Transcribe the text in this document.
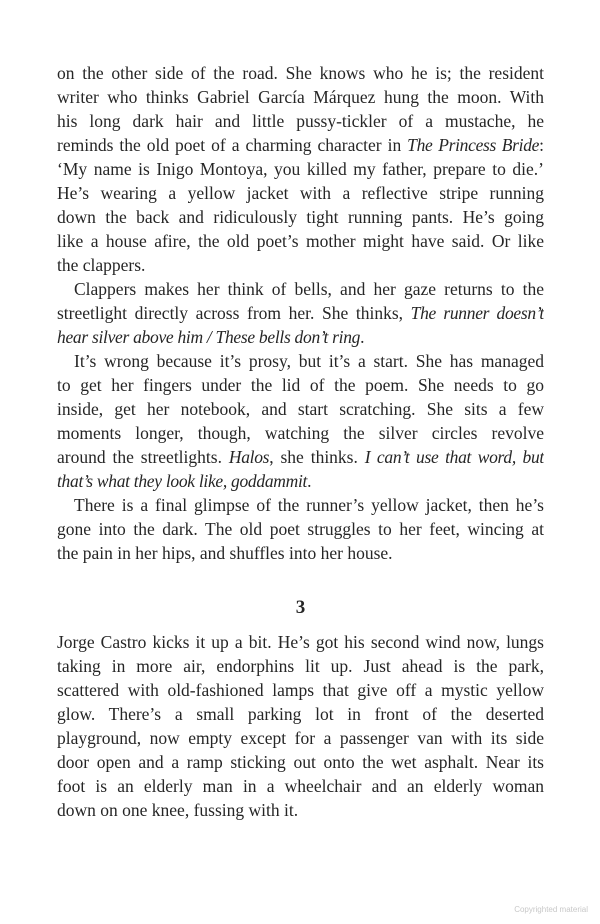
on the other side of the road. She knows who he is; the resident
writer who thinks Gabriel García Márquez hung the moon. With
his long dark hair and little pussy-tickler of a mustache, he
reminds the old poet of a charming character in The Princess Bride:
‘My name is Inigo Montoya, you killed my father, prepare to die.’
He’s wearing a yellow jacket with a reflective stripe running
down the back and ridiculously tight running pants. He’s going
like a house afire, the old poet’s mother might have said. Or like
the clappers.
Clappers makes her think of bells, and her gaze returns to the
streetlight directly across from her. She thinks, The runner doesn’t
hear silver above him / These bells don’t ring.
It’s wrong because it’s prosy, but it’s a start. She has managed
to get her fingers under the lid of the poem. She needs to go
inside, get her notebook, and start scratching. She sits a few
moments longer, though, watching the silver circles revolve
around the streetlights. Halos, she thinks. I can’t use that word, but
that’s what they look like, goddammit.
There is a final glimpse of the runner’s yellow jacket, then he’s
gone into the dark. The old poet struggles to her feet, wincing at
the pain in her hips, and shuffles into her house.
3
Jorge Castro kicks it up a bit. He’s got his second wind now, lungs
taking in more air, endorphins lit up. Just ahead is the park,
scattered with old-fashioned lamps that give off a mystic yellow
glow. There’s a small parking lot in front of the deserted
playground, now empty except for a passenger van with its side
door open and a ramp sticking out onto the wet asphalt. Near its
foot is an elderly man in a wheelchair and an elderly woman
down on one knee, fussing with it.
Copyrighted material
